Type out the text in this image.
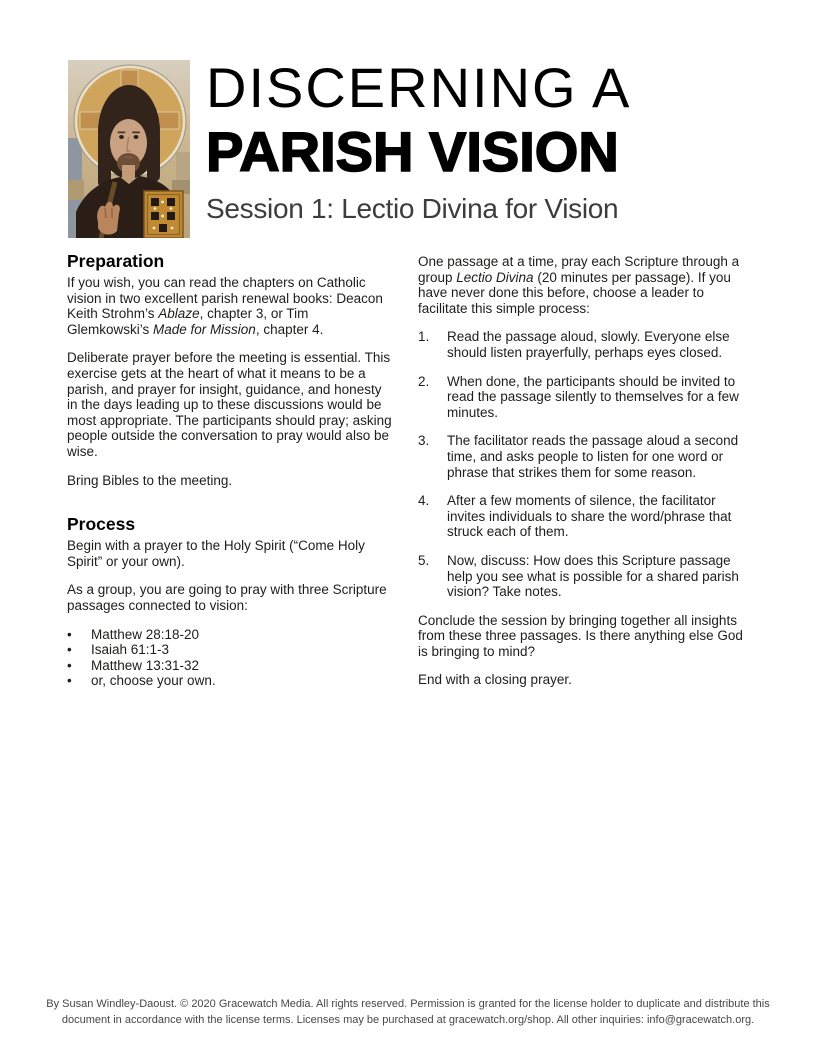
DISCERNING A
PARISH VISION
Session 1: Lectio Divina for Vision
Preparation

If you wish, you can read the chapters on Catholic vision in two excellent parish renewal books: Deacon Keith Strohm’s Ablaze, chapter 3, or Tim Glemkowski’s Made for Mission, chapter 4.

Deliberate prayer before the meeting is essential. This exercise gets at the heart of what it means to be a parish, and prayer for insight, guidance, and honesty in the days leading up to these discussions would be most appropriate. The participants should pray; asking people outside the conversation to pray would also be wise.

Bring Bibles to the meeting.

Process

Begin with a prayer to the Holy Spirit (“Come Holy Spirit” or your own).

As a group, you are going to pray with three Scripture passages connected to vision:

•	Matthew 28:18-20
•	Isaiah 61:1-3
•	Matthew 13:31-32
•	or, choose your own.

One passage at a time, pray each Scripture through a group Lectio Divina (20 minutes per passage). If you have never done this before, choose a leader to facilitate this simple process:

1.	Read the passage aloud, slowly. Everyone else should listen prayerfully, perhaps eyes closed.
2.	When done, the participants should be invited to read the passage silently to themselves for a few minutes.
3.	The facilitator reads the passage aloud a second time, and asks people to listen for one word or phrase that strikes them for some reason.
4.	After a few moments of silence, the facilitator invites individuals to share the word/phrase that struck each of them.
5.	Now, discuss: How does this Scripture passage help you see what is possible for a shared parish vision? Take notes.

Conclude the session by bringing together all insights from these three passages. Is there anything else God is bringing to mind?

End with a closing prayer.

By Susan Windley-Daoust. © 2020 Gracewatch Media. All rights reserved. Permission is granted for the license holder to duplicate and distribute this
document in accordance with the license terms. Licenses may be purchased at gracewatch.org/shop. All other inquiries: info@gracewatch.org.
